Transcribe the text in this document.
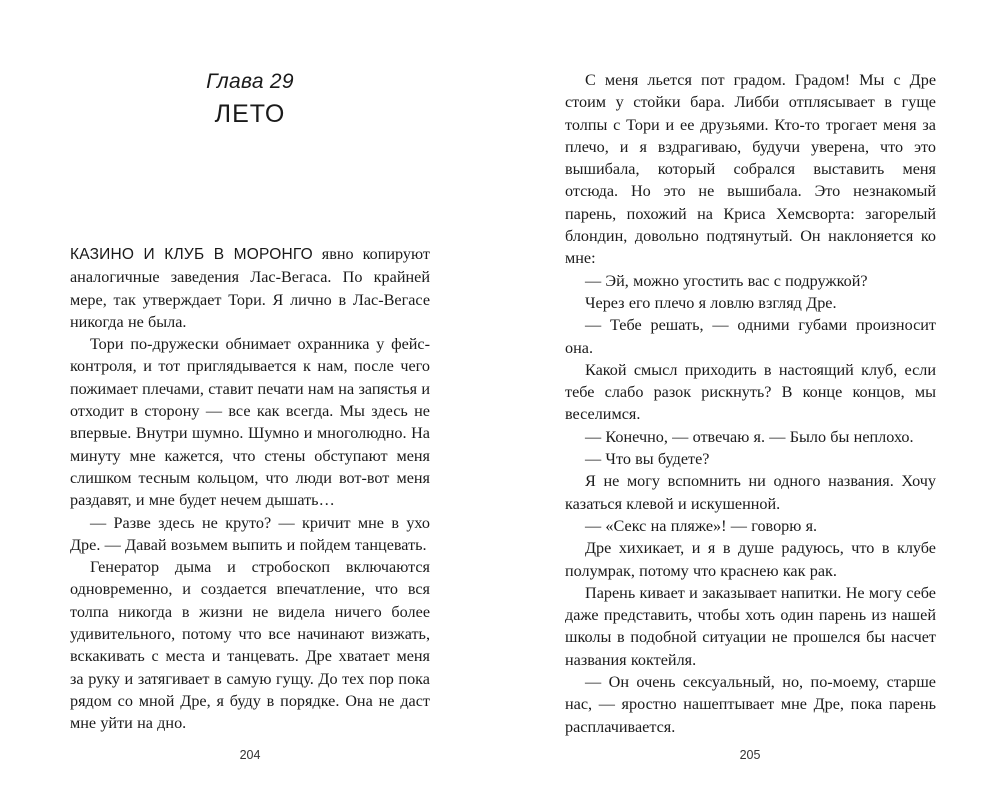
Глава 29
ЛЕТО

КАЗИНО И КЛУБ В МОРОНГО явно копируют аналогичные заведения Лас-Вегаса. По крайней мере, так утверждает Тори. Я лично в Лас-Вегасе никогда не была.

Тори по-дружески обнимает охранника у фейс-контроля, и тот приглядывается к нам, после чего пожимает плечами, ставит печати нам на запястья и отходит в сторону — все как всегда. Мы здесь не впервые. Внутри шумно. Шумно и многолюдно. На минуту мне кажется, что стены обступают меня слишком тесным кольцом, что люди вот-вот меня раздавят, и мне будет нечем дышать…

— Разве здесь не круто? — кричит мне в ухо Дре. — Давай возьмем выпить и пойдем танцевать.

Генератор дыма и стробоскоп включаются одновременно, и создается впечатление, что вся толпа никогда в жизни не видела ничего более удивительного, потому что все начинают визжать, вскакивать с места и танцевать. Дре хватает меня за руку и затягивает в самую гущу. До тех пор пока рядом со мной Дре, я буду в порядке. Она не даст мне уйти на дно.

204

С меня льется пот градом. Градом! Мы с Дре стоим у стойки бара. Либби отплясывает в гуще толпы с Тори и ее друзьями. Кто-то трогает меня за плечо, и я вздрагиваю, будучи уверена, что это вышибала, который собрался выставить меня отсюда. Но это не вышибала. Это незнакомый парень, похожий на Криса Хемсворта: загорелый блондин, довольно подтянутый. Он наклоняется ко мне:

— Эй, можно угостить вас с подружкой?

Через его плечо я ловлю взгляд Дре.

— Тебе решать, — одними губами произносит она.

Какой смысл приходить в настоящий клуб, если тебе слабо разок рискнуть? В конце концов, мы веселимся.

— Конечно, — отвечаю я. — Было бы неплохо.

— Что вы будете?

Я не могу вспомнить ни одного названия. Хочу казаться клевой и искушенной.

— «Секс на пляже»! — говорю я.

Дре хихикает, и я в душе радуюсь, что в клубе полумрак, потому что краснею как рак.

Парень кивает и заказывает напитки. Не могу себе даже представить, чтобы хоть один парень из нашей школы в подобной ситуации не прошелся бы насчет названия коктейля.

— Он очень сексуальный, но, по-моему, старше нас, — яростно нашептывает мне Дре, пока парень расплачивается.

205
